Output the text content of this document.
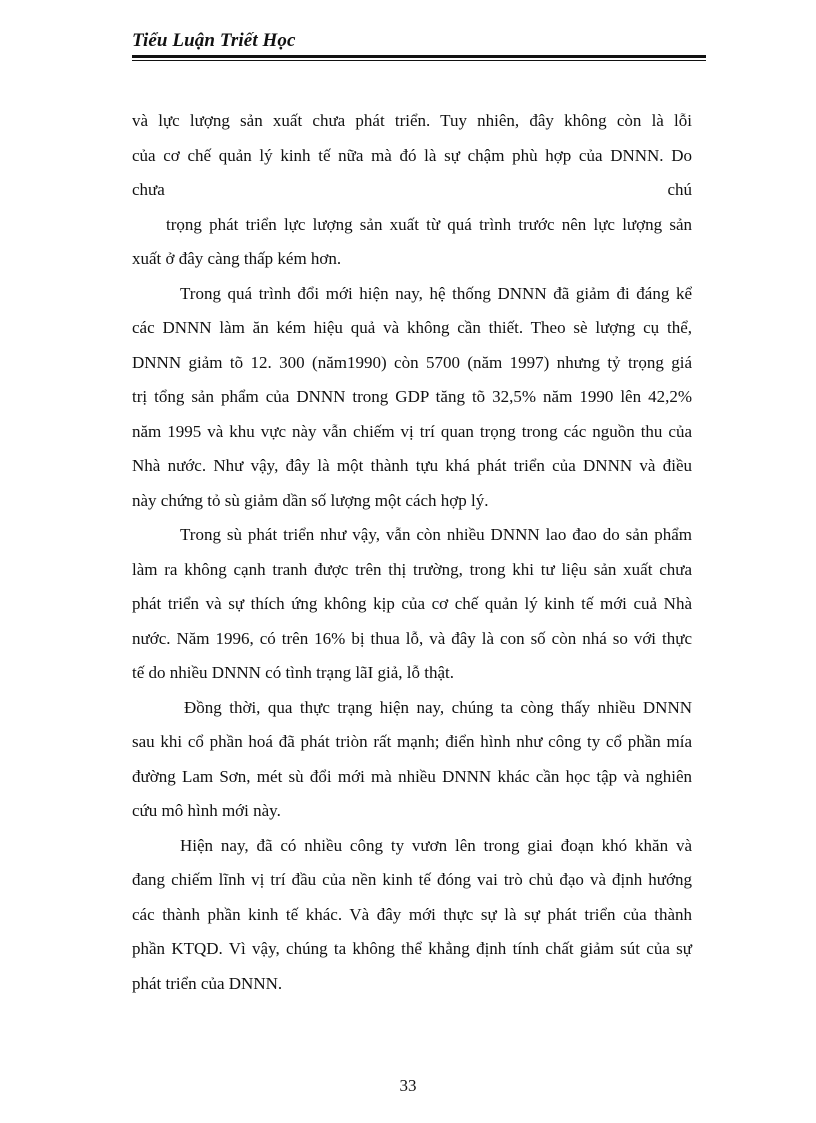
Tiểu Luận Triết Học
và lực lượng sản xuất chưa phát triển. Tuy nhiên, đây không còn là lỗi
của cơ chế quản lý kinh tế nữa mà đó là sự chậm phù hợp của DNNN. Do
chưa	chú
trọng phát triển lực lượng sản xuất từ quá trình trước nên lực lượng sản
xuất ở đây càng thấp kém hơn.
Trong quá trình đổi mới hiện nay, hệ thống DNNN đã giảm đi đáng kể
các DNNN làm ăn kém hiệu quả và không cần thiết. Theo sè lượng cụ thể,
DNNN giảm tõ 12. 300 (năm1990) còn 5700 (năm 1997) nhưng tỷ trọng giá
trị tổng sản phẩm của DNNN trong GDP tăng tõ 32,5% năm 1990 lên 42,2%
năm 1995 và khu vực này vẫn chiếm vị trí quan trọng trong các nguồn thu của
Nhà nước. Như vậy, đây là một thành tựu khá phát triển của DNNN và điều
này chứng tỏ sù giảm dần số lượng một cách hợp lý.
Trong sù phát triển như vậy, vẫn còn nhiều DNNN lao đao do sản phẩm
làm ra không cạnh tranh được trên thị trường, trong khi tư liệu sản xuất chưa
phát triển và sự thích ứng không kịp của cơ chế quản lý kinh tế mới cuả Nhà
nước. Năm 1996, có trên 16% bị thua lỗ, và đây là con số còn nhá so với thực
tế do nhiều DNNN có tình trạng lãI giả, lỗ thật.
Đồng thời, qua thực trạng hiện nay, chúng ta còng thấy nhiều DNNN
sau khi cổ phần hoá đã phát triòn rất mạnh; điển hình như công ty cổ phần mía
đường Lam Sơn, mét sù đổi mới mà nhiều DNNN khác cần học tập và nghiên
cứu mô hình mới này.
Hiện nay, đã có nhiều công ty vươn lên trong giai đoạn khó khăn và
đang chiếm lĩnh vị trí đầu của nền kinh tế đóng vai trò chủ đạo và định hướng
các thành phần kinh tế khác. Và đây mới thực sự là sự phát triển của thành
phần KTQD. Vì vậy, chúng ta không thể khẳng định tính chất giảm sút của sự
phát triển của DNNN.
33
